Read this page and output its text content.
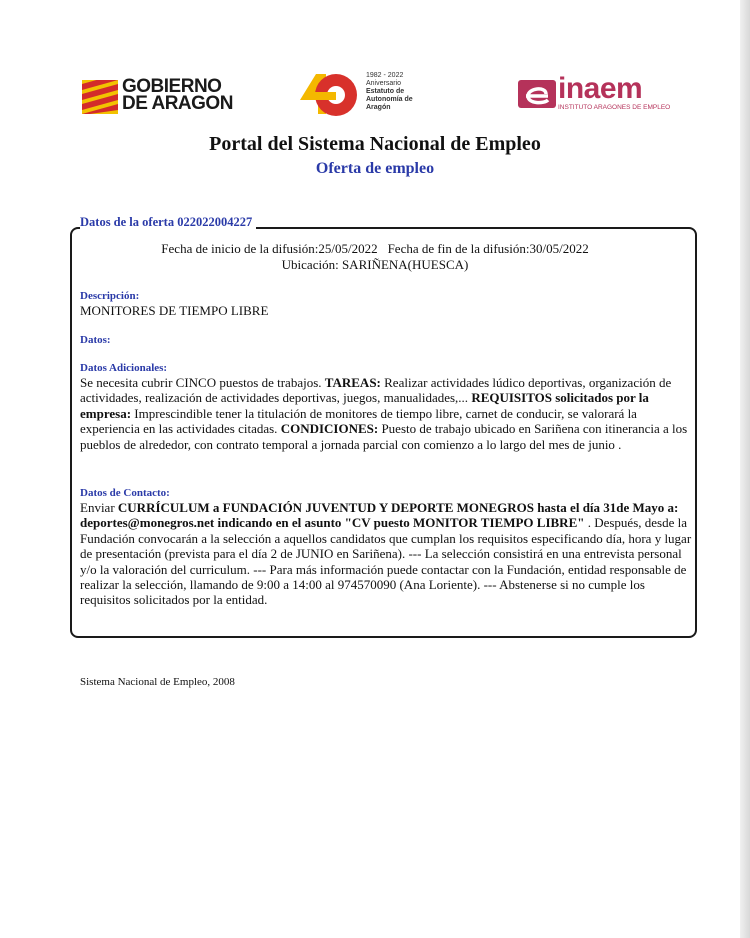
GOBIERNO
DE ARAGON
1982 - 2022
Aniversario
Estatuto de
Autonomía de
Aragón
inaem
INSTITUTO ARAGONES DE EMPLEO
Portal del Sistema Nacional de Empleo
Oferta de empleo
Datos de la oferta 022022004227
Fecha de inicio de la difusión:25/05/2022 Fecha de fin de la difusión:30/05/2022
Ubicación: SARIÑENA(HUESCA)
Descripción:
MONITORES DE TIEMPO LIBRE
Datos:
Datos Adicionales:
Se necesita cubrir CINCO puestos de trabajos. TAREAS: Realizar actividades lúdico deportivas, organización de actividades, realización de actividades deportivas, juegos, manualidades,... REQUISITOS solicitados por la empresa: Imprescindible tener la titulación de monitores de tiempo libre, carnet de conducir, se valorará la experiencia en las actividades citadas. CONDICIONES: Puesto de trabajo ubicado en Sariñena con itinerancia a los pueblos de alrededor, con contrato temporal a jornada parcial con comienzo a lo largo del mes de junio .
Datos de Contacto:
Enviar CURRÍCULUM a FUNDACIÓN JUVENTUD Y DEPORTE MONEGROS hasta el día 31de Mayo a: deportes@monegros.net indicando en el asunto "CV puesto MONITOR TIEMPO LIBRE" . Después, desde la Fundación convocarán a la selección a aquellos candidatos que cumplan los requisitos especificando día, hora y lugar de presentación (prevista para el día 2 de JUNIO en Sariñena). --- La selección consistirá en una entrevista personal y/o la valoración del curriculum. --- Para más información puede contactar con la Fundación, entidad responsable de realizar la selección, llamando de 9:00 a 14:00 al 974570090 (Ana Loriente). --- Abstenerse si no cumple los requisitos solicitados por la entidad.
Sistema Nacional de Empleo, 2008
